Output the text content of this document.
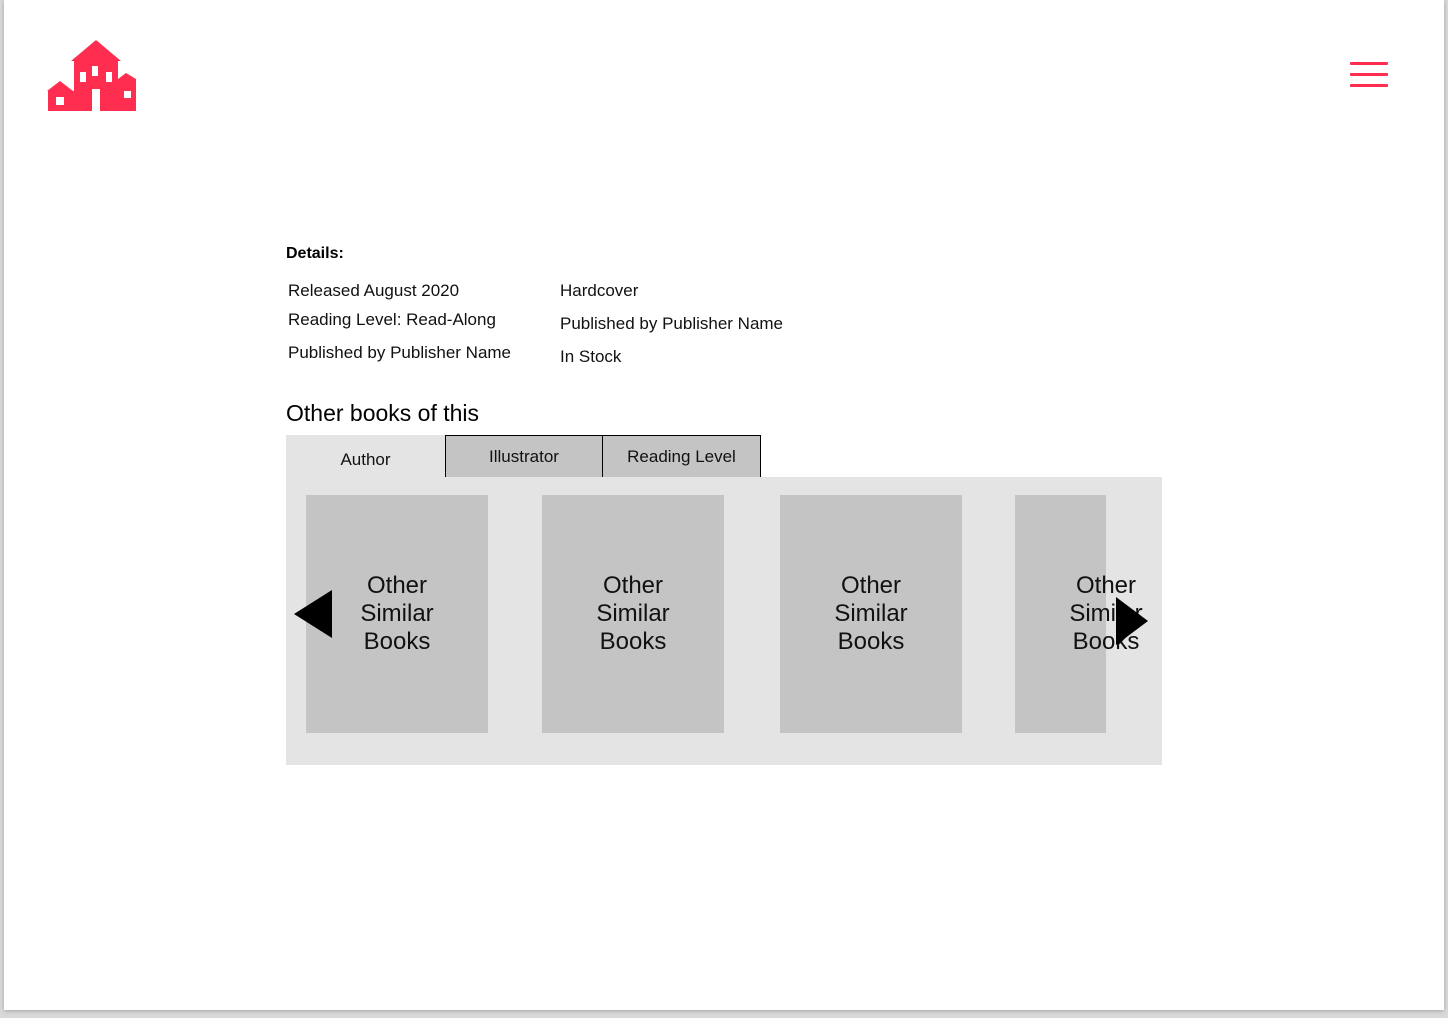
Details:
Released August 2020
Reading Level: Read-Along
Published by Publisher Name
Hardcover
Published by Publisher Name
In Stock
Other books of this
Author	Illustrator	Reading Level
Other Similar Books
Other Similar Books
Other Similar Books
Other Similar Books
